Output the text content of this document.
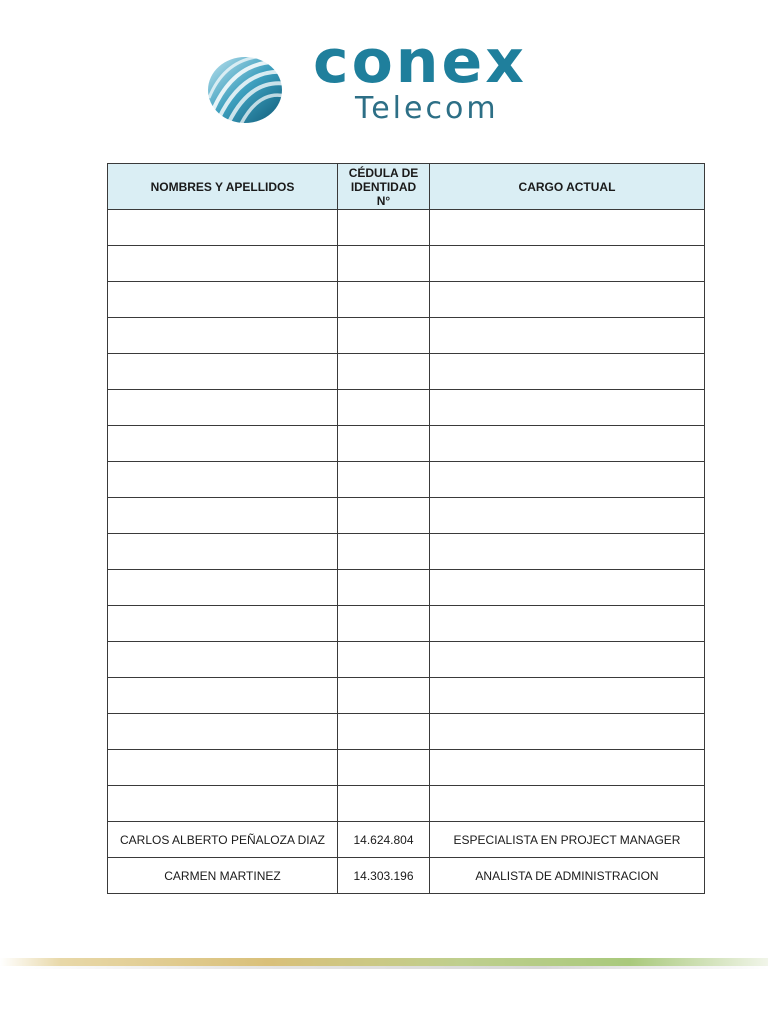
conex
Telecom
NOMBRES Y APELLIDOS	CÉDULA DE IDENTIDAD N°	CARGO ACTUAL

CARLOS ALBERTO PEÑALOZA DIAZ	14.624.804	ESPECIALISTA EN PROJECT MANAGER
CARMEN MARTINEZ	14.303.196	ANALISTA DE ADMINISTRACION
